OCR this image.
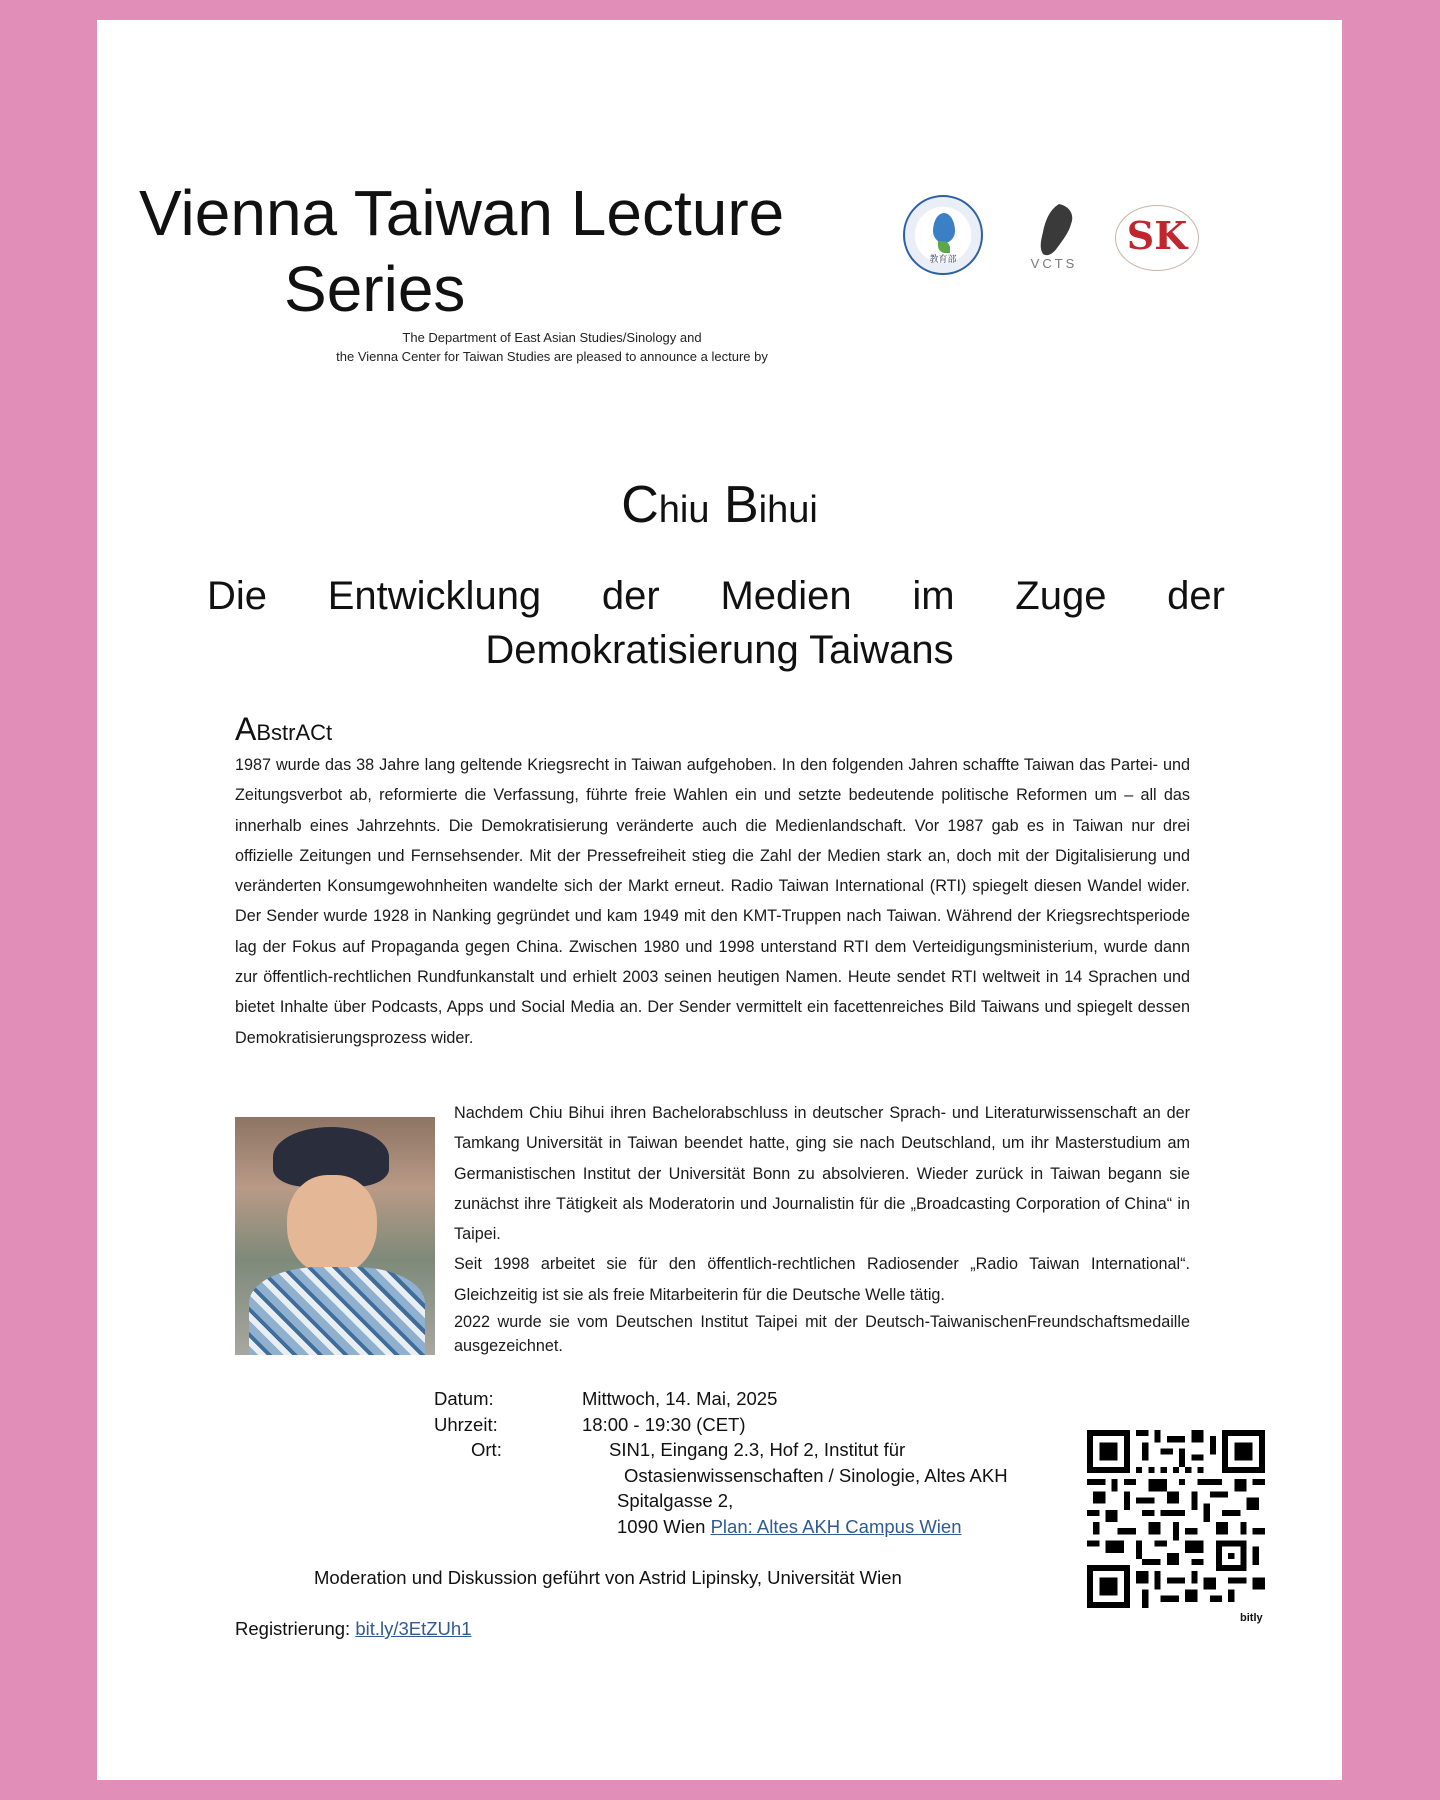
Vienna Taiwan Lecture
Series
The Department of East Asian Studies/Sinology and
the Vienna Center for Taiwan Studies are pleased to announce a lecture by
教育部	VCTS
SK
Chiu Bihui
Die Entwicklung der Medien im Zuge der
Demokratisierung Taiwans
ABstrACt

1987 wurde das 38 Jahre lang geltende Kriegsrecht in Taiwan aufgehoben. In den folgenden Jahren schaffte Taiwan das Partei- und Zeitungsverbot ab, reformierte die Verfassung, führte freie Wahlen ein und setzte bedeutende politische Reformen um – all das innerhalb eines Jahrzehnts. Die Demokratisierung veränderte auch die Medienlandschaft. Vor 1987 gab es in Taiwan nur drei offizielle Zeitungen und Fernsehsender. Mit der Pressefreiheit stieg die Zahl der Medien stark an, doch mit der Digitalisierung und veränderten Konsumgewohnheiten wandelte sich der Markt erneut. Radio Taiwan International (RTI) spiegelt diesen Wandel wider. Der Sender wurde 1928 in Nanking gegründet und kam 1949 mit den KMT-Truppen nach Taiwan. Während der Kriegsrechtsperiode lag der Fokus auf Propaganda gegen China. Zwischen 1980 und 1998 unterstand RTI dem Verteidigungsministerium, wurde dann zur öffentlich-rechtlichen Rundfunkanstalt und erhielt 2003 seinen heutigen Namen. Heute sendet RTI weltweit in 14 Sprachen und bietet Inhalte über Podcasts, Apps und Social Media an. Der Sender vermittelt ein facettenreiches Bild Taiwans und spiegelt dessen Demokratisierungsprozess wider.

Nachdem Chiu Bihui ihren Bachelorabschluss in deutscher Sprach- und Literaturwissenschaft an der Tamkang Universität in Taiwan beendet hatte, ging sie nach Deutschland, um ihr Masterstudium am Germanistischen Institut der Universität Bonn zu absolvieren. Wieder zurück in Taiwan begann sie zunächst ihre Tätigkeit als Moderatorin und Journalistin für die „Broadcasting Corporation of China“ in Taipei.

Seit 1998 arbeitet sie für den öffentlich-rechtlichen Radiosender „Radio Taiwan International“. Gleichzeitig ist sie als freie Mitarbeiterin für die Deutsche Welle tätig.

2022 wurde sie vom Deutschen Institut Taipei mit der Deutsch-TaiwanischenFreundschaftsmedaille ausgezeichnet.

Datum:	Mittwoch, 14. Mai, 2025
Uhrzeit:	18:00 - 19:30 (CET)
Ort:	SIN1, Eingang 2.3, Hof 2, Institut für
Ostasienwissenschaften / Sinologie, Altes AKH
Spitalgasse 2,
1090 Wien Plan: Altes AKH Campus Wien
Moderation und Diskussion geführt von Astrid Lipinsky, Universität Wien
Registrierung: bit.ly/3EtZUh1	bitly
